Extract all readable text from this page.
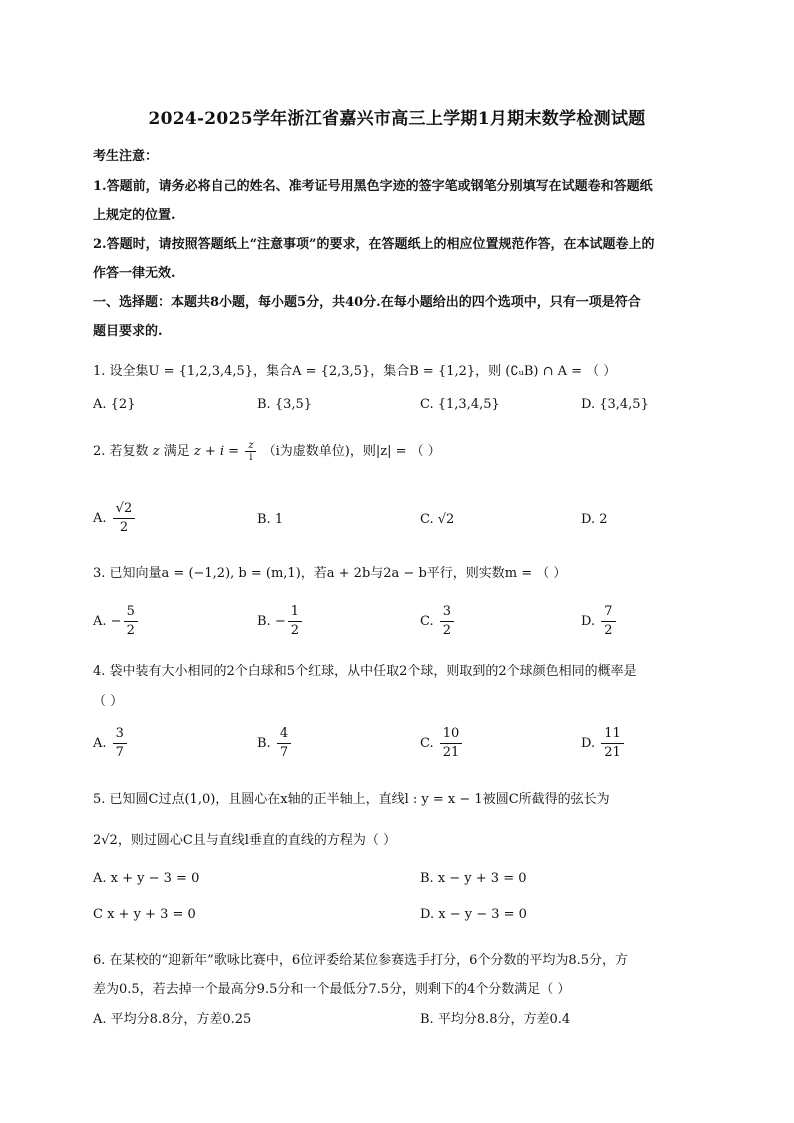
2024-2025学年浙江省嘉兴市高三上学期1月期末数学检测试题
考生注意：
1.答题前，请务必将自己的姓名、准考证号用黑色字迹的签字笔或钢笔分别填写在试题卷和答题纸
上规定的位置.
2.答题时，请按照答题纸上“注意事项”的要求，在答题纸上的相应位置规范作答，在本试题卷上的
作答一律无效.
一、选择题：本题共8小题，每小题5分，共40分.在每小题给出的四个选项中，只有一项是符合
题目要求的.
1. 设全集U = {1,2,3,4,5}，集合A = {2,3,5}，集合B = {1,2}，则 (∁ᵤB) ∩ A = （ ）
A. {2}	B. {3,5}	C. {1,3,4,5}	D. {3,4,5}
2. 若复数 z 满足 $z + i = \frac{z}{i} (i$为虚数单位)，则|z| = （ ）
A. $\frac{√2}{2}$	B. 1	C. √2	D. 2
3. 已知向量a = (−1,2), b = (m,1)，若a + 2b与2a − b平行，则实数m = （ ）
A. − $\frac{5}{2}$	B. − $\frac{1}{2}$	C. $\frac{3}{2}$	D. $\frac{7}{2}$
4. 袋中装有大小相同的2个白球和5个红球，从中任取2个球，则取到的2个球颜色相同的概率是
（ ）
A. $\frac{3}{7}$	B. $\frac{4}{7}$	C. $\frac{10}{21}$	D. $\frac{11}{21}$
5. 已知圆C过点(1,0)，且圆心在x轴的正半轴上，直线l : y = x − 1被圆C所截得的弦长为
2√2，则过圆心C且与直线l垂直的直线的方程为（ ）
A. x + y − 3 = 0	B. x − y + 3 = 0
C x + y + 3 = 0	D. x − y − 3 = 0
6. 在某校的“迎新年”歌咏比赛中，6位评委给某位参赛选手打分，6个分数的平均为8.5分，方
差为0.5，若去掉一个最高分9.5分和一个最低分7.5分，则剩下的4个分数满足（ ）
A. 平均分8.8分，方差0.25	B. 平均分8.8分，方差0.4
